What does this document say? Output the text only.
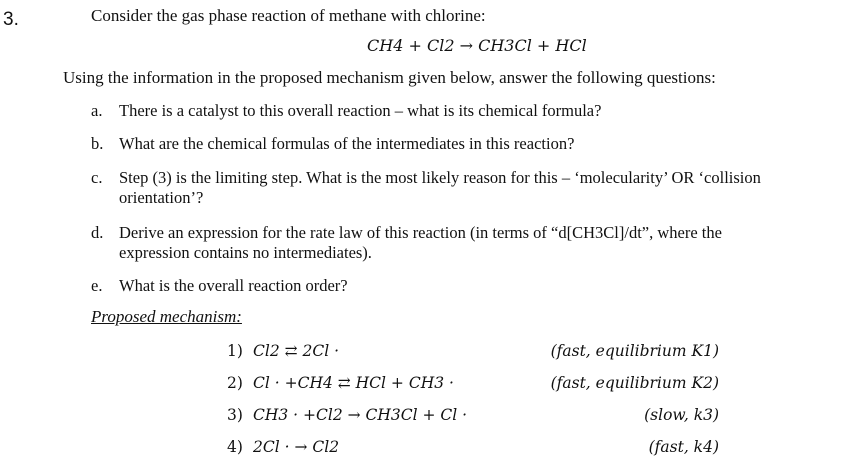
3.	Consider the gas phase reaction of methane with chlorine:
CH4 + Cl2 → CH3Cl + HCl
Using the information in the proposed mechanism given below, answer the following questions:
a. There is a catalyst to this overall reaction – what is its chemical formula?
b. What are the chemical formulas of the intermediates in this reaction?
c. Step (3) is the limiting step. What is the most likely reason for this – ‘molecularity’ OR ‘collision
orientation’?
d. Derive an expression for the rate law of this reaction (in terms of “d[CH3Cl]/dt”, where the
expression contains no intermediates).
e. What is the overall reaction order?
Proposed mechanism:
1) Cl2 ⇄ 2Cl ·	(fast, equilibrium K1)
2) Cl · +CH4 ⇄ HCl + CH3 ·	(fast, equilibrium K2)
3) CH3 · +Cl2 → CH3Cl + Cl ·	(slow, k3)
4) 2Cl · → Cl2	(fast, k4)
